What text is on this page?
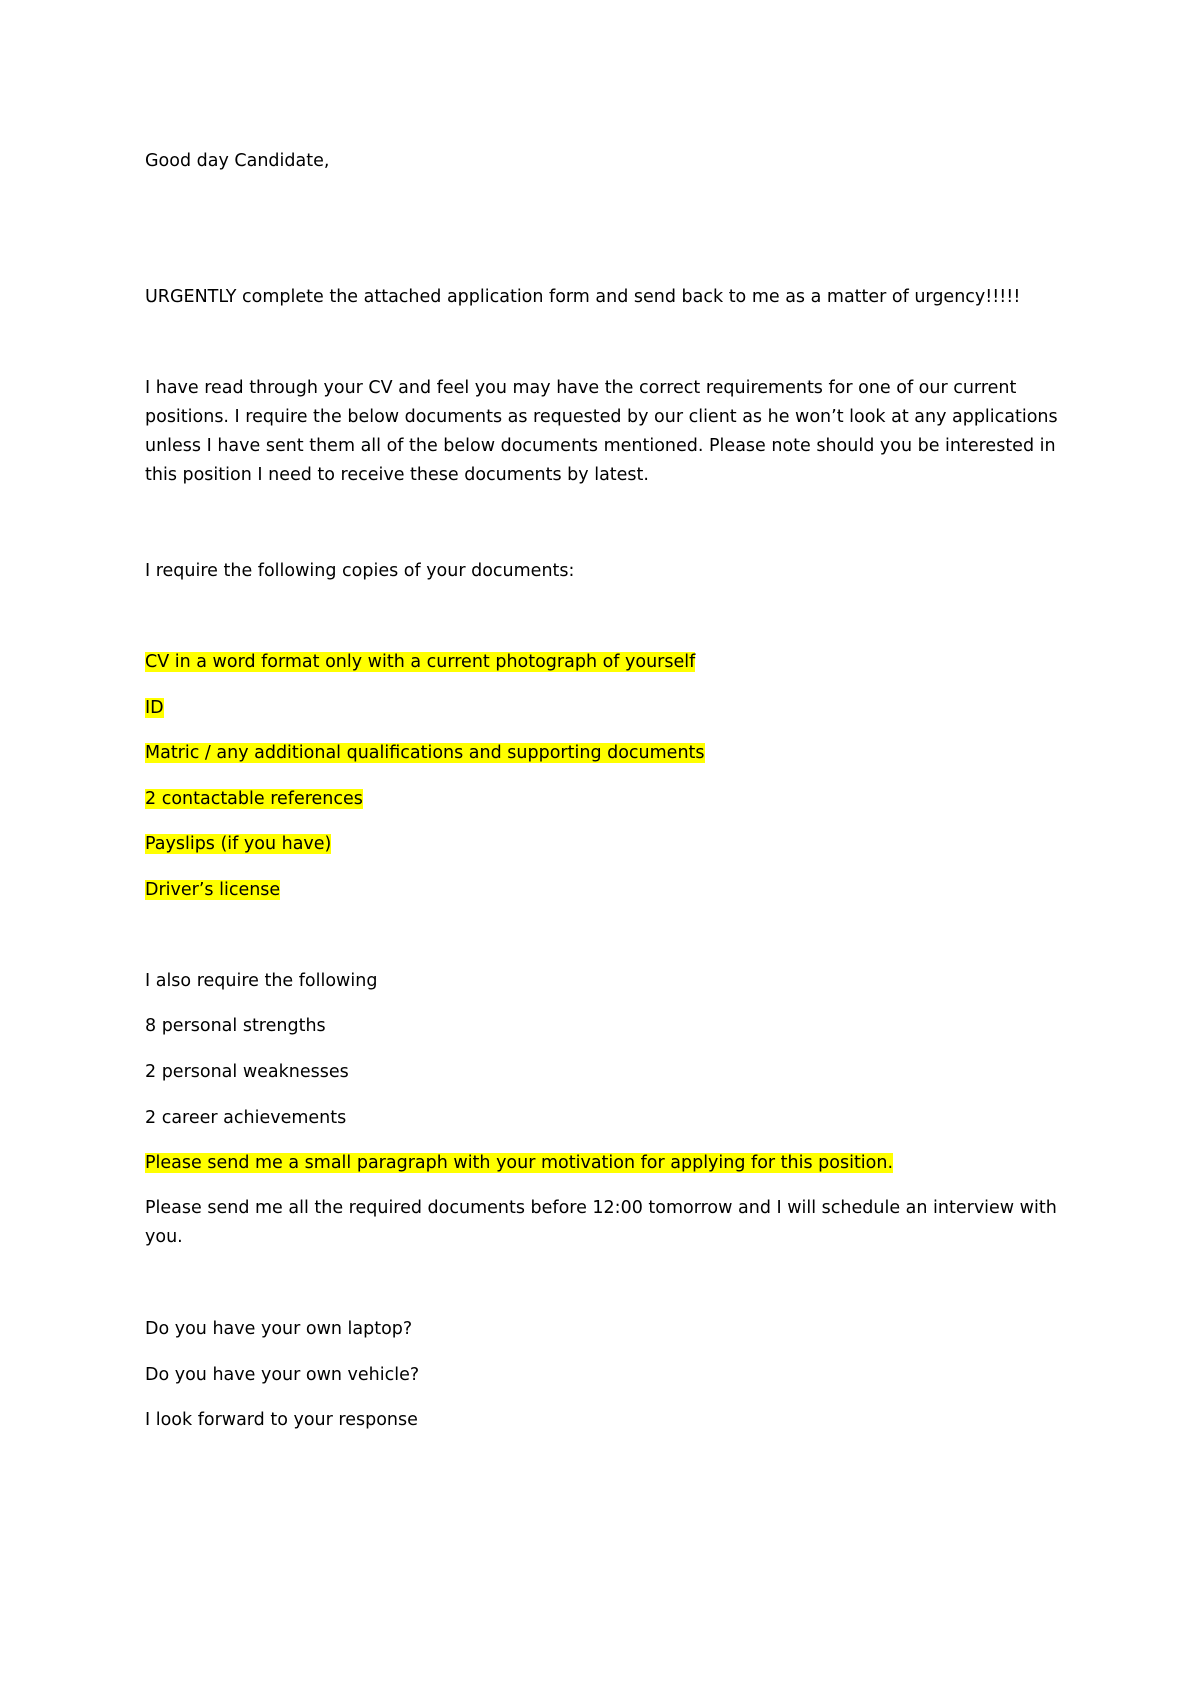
Good day Candidate,

URGENTLY complete the attached application form and send back to me as a matter of urgency!!!!!

I have read through your CV and feel you may have the correct requirements for one of our current positions. I require the below documents as requested by our client as he won’t look at any applications unless I have sent them all of the below documents mentioned. Please note should you be interested in this position I need to receive these documents by latest.

I require the following copies of your documents:

CV in a word format only with a current photograph of yourself

ID

Matric / any additional qualifications and supporting documents

2 contactable references

Payslips (if you have)

Driver’s license

I also require the following

8 personal strengths

2 personal weaknesses

2 career achievements

Please send me a small paragraph with your motivation for applying for this position.

Please send me all the required documents before 12:00 tomorrow and I will schedule an interview with you.

Do you have your own laptop?

Do you have your own vehicle?

I look forward to your response
